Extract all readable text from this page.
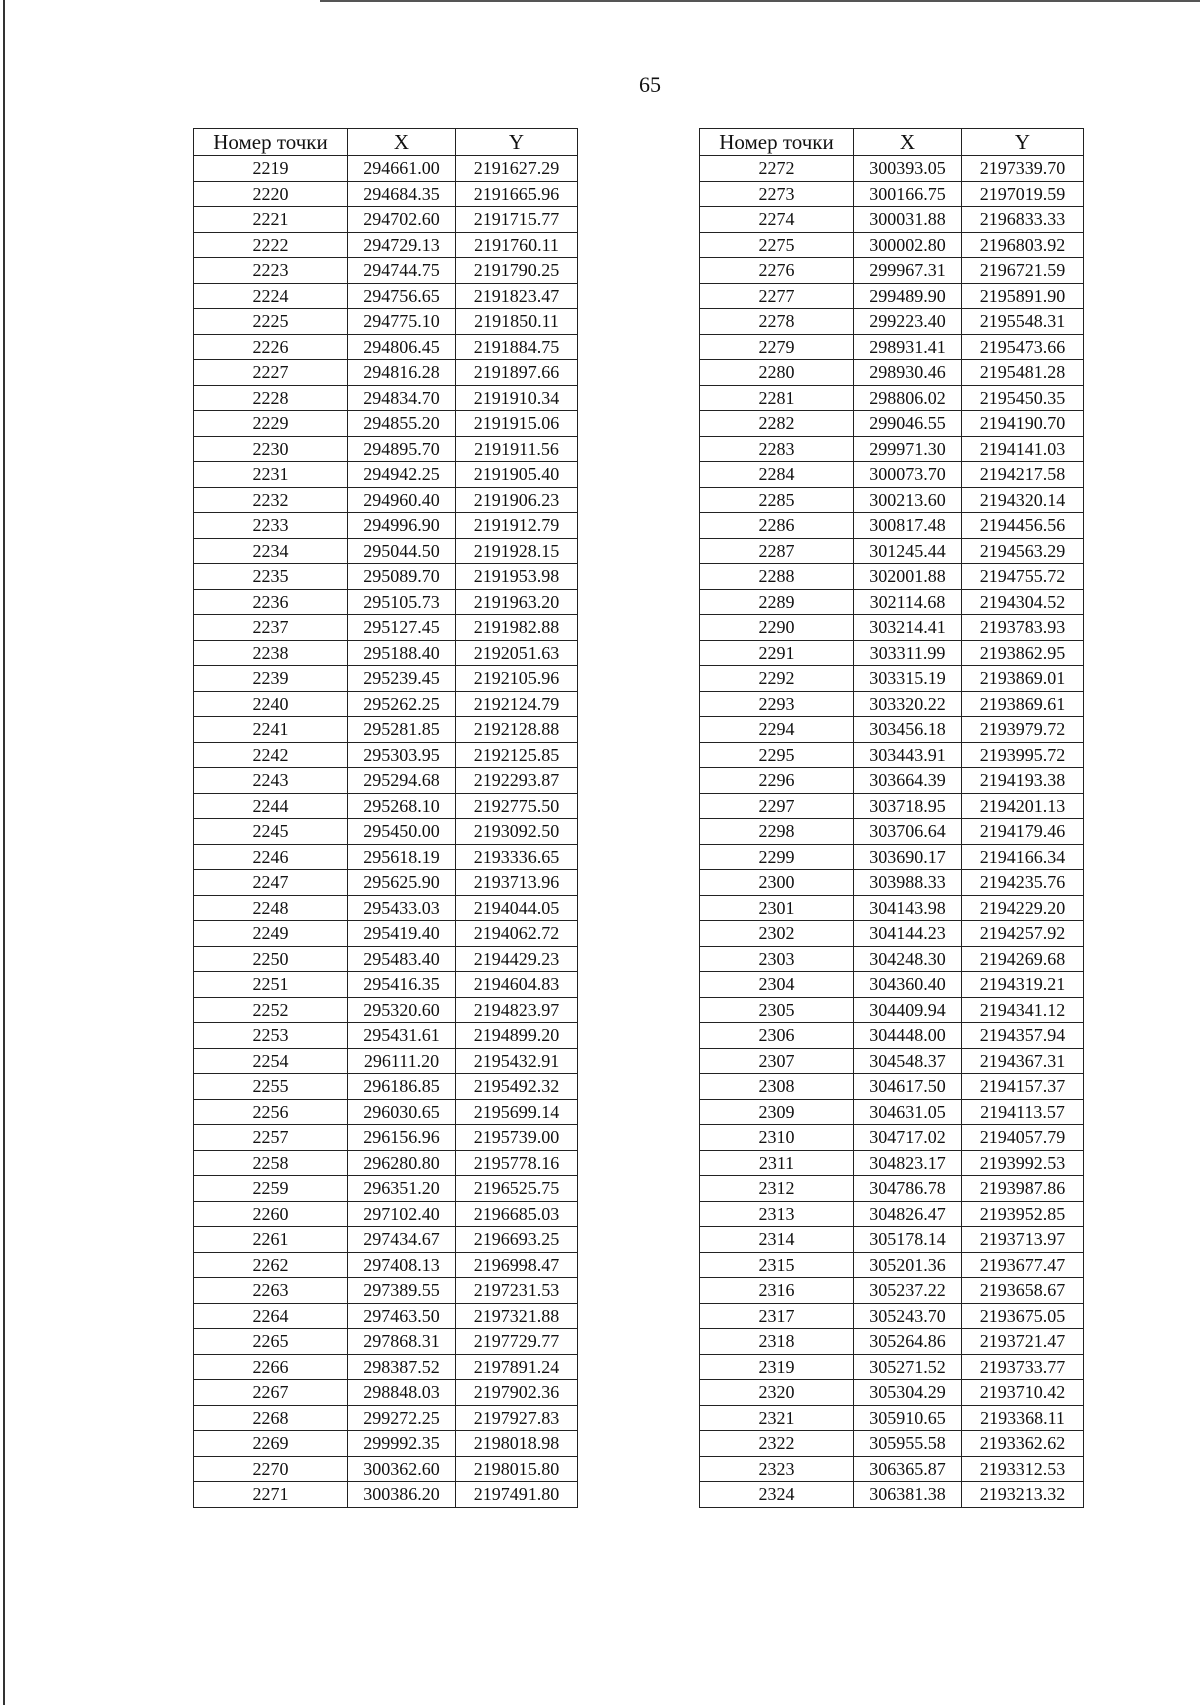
65
Номер точки	X	Y
2219	294661.00	2191627.29
2220	294684.35	2191665.96
2221	294702.60	2191715.77
2222	294729.13	2191760.11
2223	294744.75	2191790.25
2224	294756.65	2191823.47
2225	294775.10	2191850.11
2226	294806.45	2191884.75
2227	294816.28	2191897.66
2228	294834.70	2191910.34
2229	294855.20	2191915.06
2230	294895.70	2191911.56
2231	294942.25	2191905.40
2232	294960.40	2191906.23
2233	294996.90	2191912.79
2234	295044.50	2191928.15
2235	295089.70	2191953.98
2236	295105.73	2191963.20
2237	295127.45	2191982.88
2238	295188.40	2192051.63
2239	295239.45	2192105.96
2240	295262.25	2192124.79
2241	295281.85	2192128.88
2242	295303.95	2192125.85
2243	295294.68	2192293.87
2244	295268.10	2192775.50
2245	295450.00	2193092.50
2246	295618.19	2193336.65
2247	295625.90	2193713.96
2248	295433.03	2194044.05
2249	295419.40	2194062.72
2250	295483.40	2194429.23
2251	295416.35	2194604.83
2252	295320.60	2194823.97
2253	295431.61	2194899.20
2254	296111.20	2195432.91
2255	296186.85	2195492.32
2256	296030.65	2195699.14
2257	296156.96	2195739.00
2258	296280.80	2195778.16
2259	296351.20	2196525.75
2260	297102.40	2196685.03
2261	297434.67	2196693.25
2262	297408.13	2196998.47
2263	297389.55	2197231.53
2264	297463.50	2197321.88
2265	297868.31	2197729.77
2266	298387.52	2197891.24
2267	298848.03	2197902.36
2268	299272.25	2197927.83
2269	299992.35	2198018.98
2270	300362.60	2198015.80
2271	300386.20	2197491.80
Номер точки	X	Y
2272	300393.05	2197339.70
2273	300166.75	2197019.59
2274	300031.88	2196833.33
2275	300002.80	2196803.92
2276	299967.31	2196721.59
2277	299489.90	2195891.90
2278	299223.40	2195548.31
2279	298931.41	2195473.66
2280	298930.46	2195481.28
2281	298806.02	2195450.35
2282	299046.55	2194190.70
2283	299971.30	2194141.03
2284	300073.70	2194217.58
2285	300213.60	2194320.14
2286	300817.48	2194456.56
2287	301245.44	2194563.29
2288	302001.88	2194755.72
2289	302114.68	2194304.52
2290	303214.41	2193783.93
2291	303311.99	2193862.95
2292	303315.19	2193869.01
2293	303320.22	2193869.61
2294	303456.18	2193979.72
2295	303443.91	2193995.72
2296	303664.39	2194193.38
2297	303718.95	2194201.13
2298	303706.64	2194179.46
2299	303690.17	2194166.34
2300	303988.33	2194235.76
2301	304143.98	2194229.20
2302	304144.23	2194257.92
2303	304248.30	2194269.68
2304	304360.40	2194319.21
2305	304409.94	2194341.12
2306	304448.00	2194357.94
2307	304548.37	2194367.31
2308	304617.50	2194157.37
2309	304631.05	2194113.57
2310	304717.02	2194057.79
2311	304823.17	2193992.53
2312	304786.78	2193987.86
2313	304826.47	2193952.85
2314	305178.14	2193713.97
2315	305201.36	2193677.47
2316	305237.22	2193658.67
2317	305243.70	2193675.05
2318	305264.86	2193721.47
2319	305271.52	2193733.77
2320	305304.29	2193710.42
2321	305910.65	2193368.11
2322	305955.58	2193362.62
2323	306365.87	2193312.53
2324	306381.38	2193213.32
